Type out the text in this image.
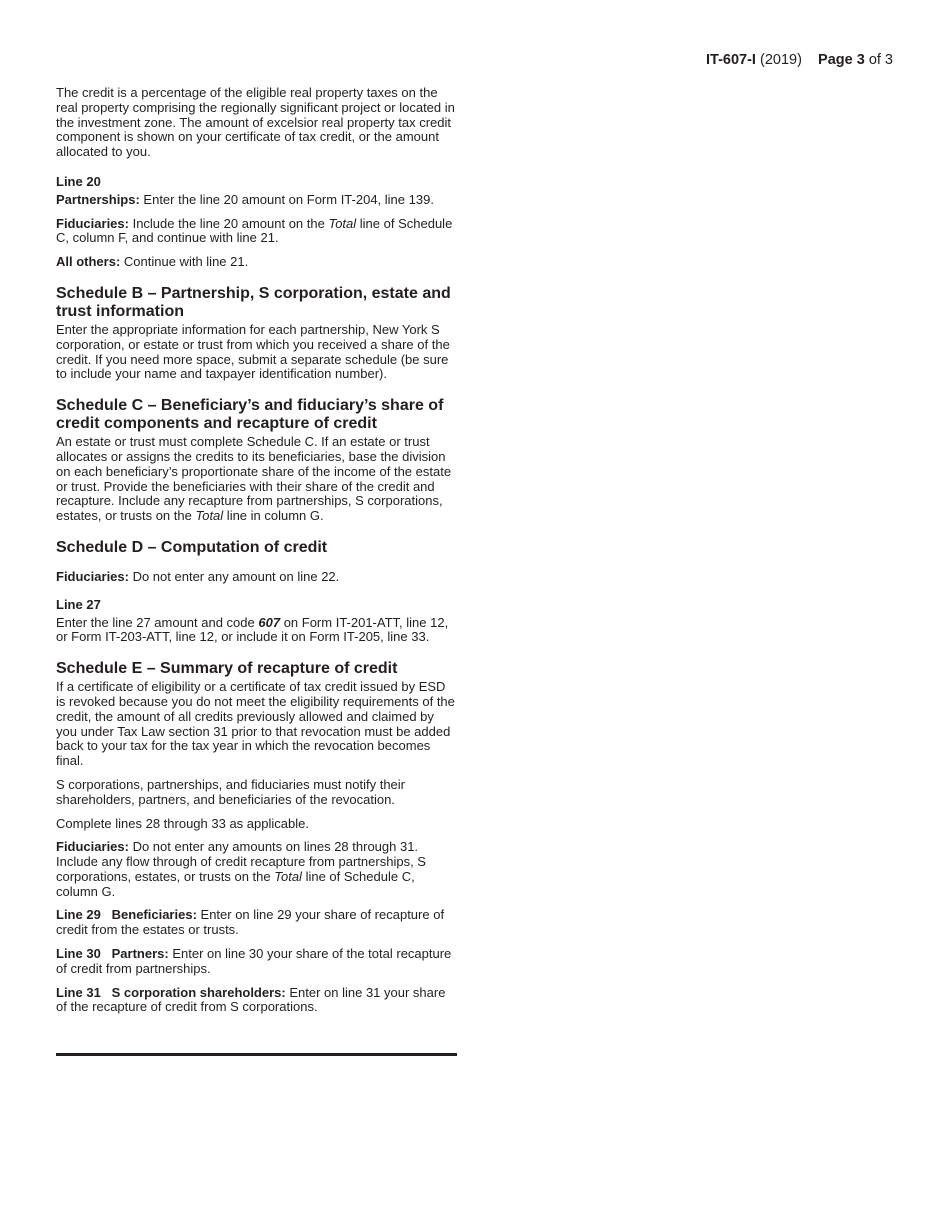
IT-607-I (2019) Page 3 of 3

The credit is a percentage of the eligible real property taxes on the real property comprising the regionally significant project or located in the investment zone. The amount of excelsior real property tax credit component is shown on your certificate of tax credit, or the amount allocated to you.

Line 20

Partnerships: Enter the line 20 amount on Form IT-204, line 139.

Fiduciaries: Include the line 20 amount on the Total line of Schedule C, column F, and continue with line 21.

All others: Continue with line 21.

Schedule B – Partnership, S corporation, estate and trust information

Enter the appropriate information for each partnership, New York S corporation, or estate or trust from which you received a share of the credit. If you need more space, submit a separate schedule (be sure to include your name and taxpayer identification number).

Schedule C – Beneficiary’s and fiduciary’s share of credit components and recapture of credit

An estate or trust must complete Schedule C. If an estate or trust allocates or assigns the credits to its beneficiaries, base the division on each beneficiary’s proportionate share of the income of the estate or trust. Provide the beneficiaries with their share of the credit and recapture. Include any recapture from partnerships, S corporations, estates, or trusts on the Total line in column G.

Schedule D – Computation of credit

Fiduciaries: Do not enter any amount on line 22.

Line 27

Enter the line 27 amount and code 607 on Form IT-201-ATT, line 12, or Form IT-203-ATT, line 12, or include it on Form IT-205, line 33.

Schedule E – Summary of recapture of credit

If a certificate of eligibility or a certificate of tax credit issued by ESD is revoked because you do not meet the eligibility requirements of the credit, the amount of all credits previously allowed and claimed by you under Tax Law section 31 prior to that revocation must be added back to your tax for the tax year in which the revocation becomes final.

S corporations, partnerships, and fiduciaries must notify their shareholders, partners, and beneficiaries of the revocation.

Complete lines 28 through 33 as applicable.

Fiduciaries: Do not enter any amounts on lines 28 through 31. Include any flow through of credit recapture from partnerships, S corporations, estates, or trusts on the Total line of Schedule C, column G.

Line 29   Beneficiaries: Enter on line 29 your share of recapture of credit from the estates or trusts.

Line 30   Partners: Enter on line 30 your share of the total recapture of credit from partnerships.

Line 31   S corporation shareholders: Enter on line 31 your share of the recapture of credit from S corporations.
